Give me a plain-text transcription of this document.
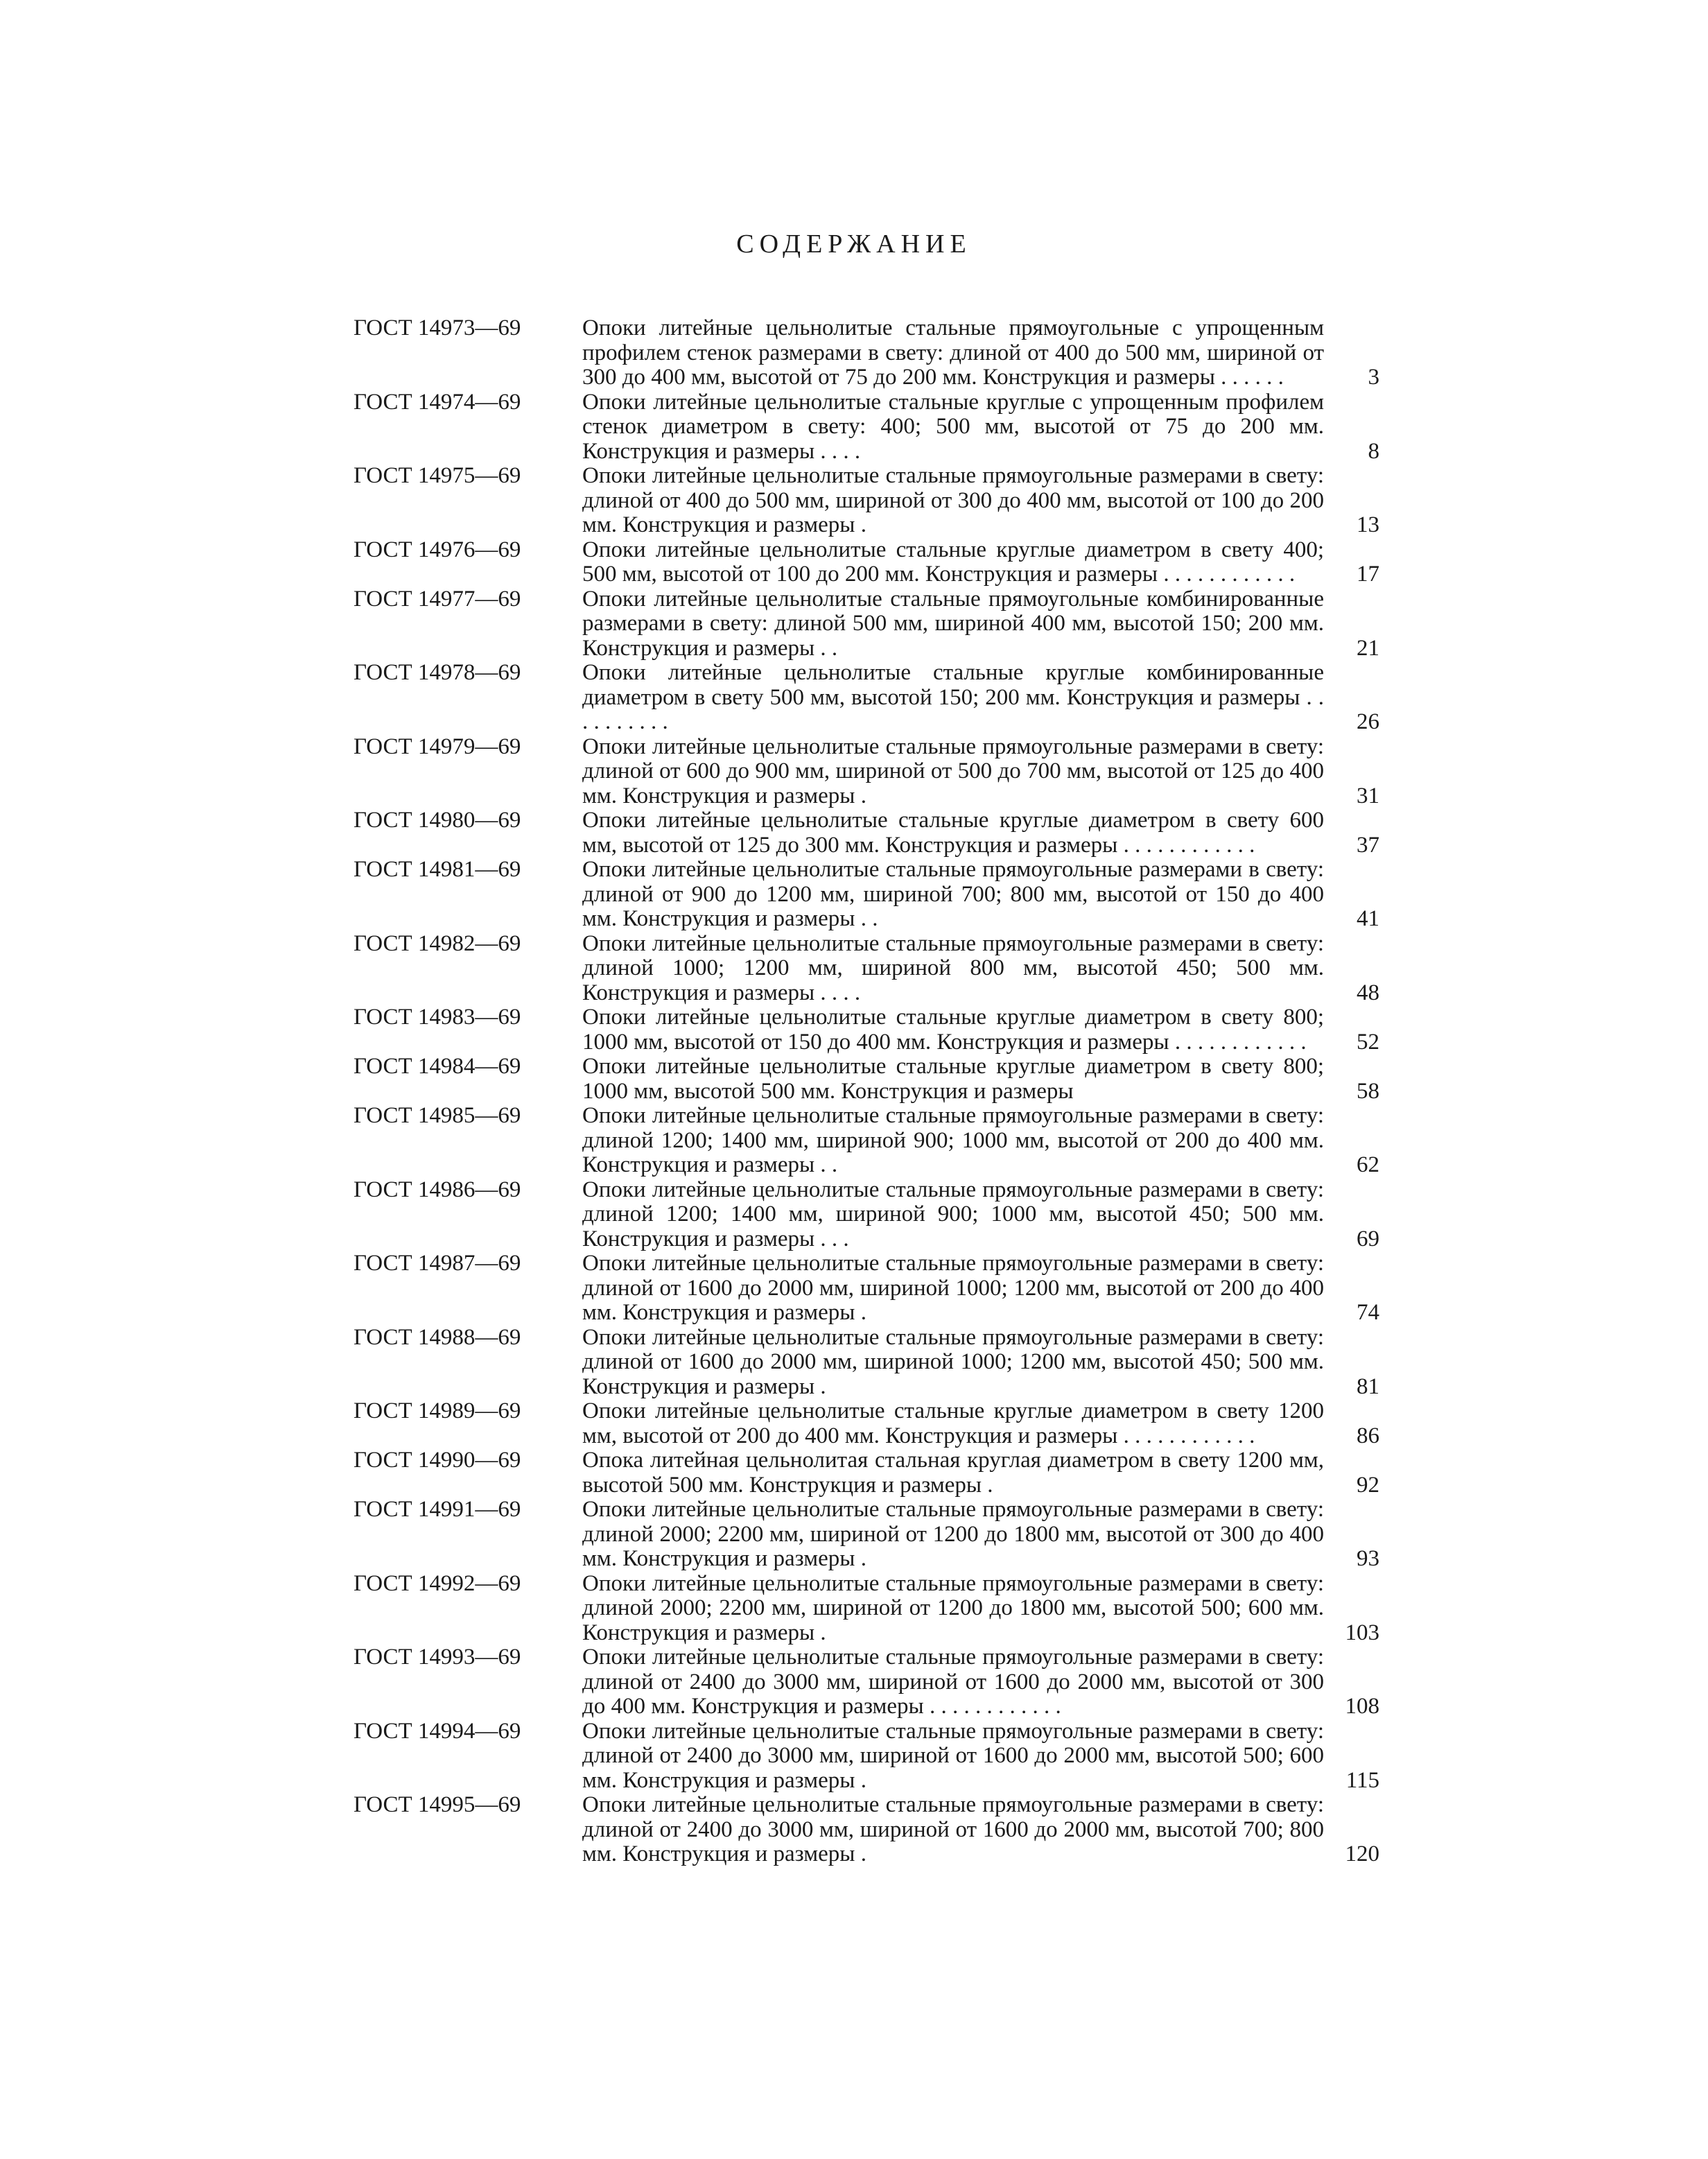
СОДЕРЖАНИЕ
ГОСТ 14973—69	Опоки литейные цельнолитые стальные прямоугольные с упрощенным профилем стенок размерами в свету: длиной от 400 до 500 мм, шириной от 300 до 400 мм, высотой от 75 до 200 мм. Конструкция и размеры . . . . . .	3
ГОСТ 14974—69	Опоки литейные цельнолитые стальные круглые с упрощенным профилем стенок диаметром в свету: 400; 500 мм, высотой от 75 до 200 мм. Конструкция и размеры . . . .	8
ГОСТ 14975—69	Опоки литейные цельнолитые стальные прямоугольные размерами в свету: длиной от 400 до 500 мм, шириной от 300 до 400 мм, высотой от 100 до 200 мм. Конструкция и размеры .	13
ГОСТ 14976—69	Опоки литейные цельнолитые стальные круглые диаметром в свету 400; 500 мм, высотой от 100 до 200 мм. Конструкция и размеры . . . . . . . . . . . .	17
ГОСТ 14977—69	Опоки литейные цельнолитые стальные прямоугольные комбинированные размерами в свету: длиной 500 мм, шириной 400 мм, высотой 150; 200 мм. Конструкция и размеры . .	21
ГОСТ 14978—69	Опоки литейные цельнолитые стальные круглые комбинированные диаметром в свету 500 мм, высотой 150; 200 мм. Конструкция и размеры . . . . . . . . . .	26
ГОСТ 14979—69	Опоки литейные цельнолитые стальные прямоугольные размерами в свету: длиной от 600 до 900 мм, шириной от 500 до 700 мм, высотой от 125 до 400 мм. Конструкция и размеры .	31
ГОСТ 14980—69	Опоки литейные цельнолитые стальные круглые диаметром в свету 600 мм, высотой от 125 до 300 мм. Конструкция и размеры . . . . . . . . . . . .	37
ГОСТ 14981—69	Опоки литейные цельнолитые стальные прямоугольные размерами в свету: длиной от 900 до 1200 мм, шириной 700; 800 мм, высотой от 150 до 400 мм. Конструкция и размеры . .	41
ГОСТ 14982—69	Опоки литейные цельнолитые стальные прямоугольные размерами в свету: длиной 1000; 1200 мм, шириной 800 мм, высотой 450; 500 мм. Конструкция и размеры . . . .	48
ГОСТ 14983—69	Опоки литейные цельнолитые стальные круглые диаметром в свету 800; 1000 мм, высотой от 150 до 400 мм. Конструкция и размеры . . . . . . . . . . . .	52
ГОСТ 14984—69	Опоки литейные цельнолитые стальные круглые диаметром в свету 800; 1000 мм, высотой 500 мм. Конструкция и размеры	58
ГОСТ 14985—69	Опоки литейные цельнолитые стальные прямоугольные размерами в свету: длиной 1200; 1400 мм, шириной 900; 1000 мм, высотой от 200 до 400 мм. Конструкция и размеры . .	62
ГОСТ 14986—69	Опоки литейные цельнолитые стальные прямоугольные размерами в свету: длиной 1200; 1400 мм, шириной 900; 1000 мм, высотой 450; 500 мм. Конструкция и размеры . . .	69
ГОСТ 14987—69	Опоки литейные цельнолитые стальные прямоугольные размерами в свету: длиной от 1600 до 2000 мм, шириной 1000; 1200 мм, высотой от 200 до 400 мм. Конструкция и размеры .	74
ГОСТ 14988—69	Опоки литейные цельнолитые стальные прямоугольные размерами в свету: длиной от 1600 до 2000 мм, шириной 1000; 1200 мм, высотой 450; 500 мм. Конструкция и размеры .	81
ГОСТ 14989—69	Опоки литейные цельнолитые стальные круглые диаметром в свету 1200 мм, высотой от 200 до 400 мм. Конструкция и размеры . . . . . . . . . . . .	86
ГОСТ 14990—69	Опока литейная цельнолитая стальная круглая диаметром в свету 1200 мм, высотой 500 мм. Конструкция и размеры .	92
ГОСТ 14991—69	Опоки литейные цельнолитые стальные прямоугольные размерами в свету: длиной 2000; 2200 мм, шириной от 1200 до 1800 мм, высотой от 300 до 400 мм. Конструкция и размеры .	93
ГОСТ 14992—69	Опоки литейные цельнолитые стальные прямоугольные размерами в свету: длиной 2000; 2200 мм, шириной от 1200 до 1800 мм, высотой 500; 600 мм. Конструкция и размеры .	103
ГОСТ 14993—69	Опоки литейные цельнолитые стальные прямоугольные размерами в свету: длиной от 2400 до 3000 мм, шириной от 1600 до 2000 мм, высотой от 300 до 400 мм. Конструкция и размеры . . . . . . . . . . . .	108
ГОСТ 14994—69	Опоки литейные цельнолитые стальные прямоугольные размерами в свету: длиной от 2400 до 3000 мм, шириной от 1600 до 2000 мм, высотой 500; 600 мм. Конструкция и размеры .	115
ГОСТ 14995—69	Опоки литейные цельнолитые стальные прямоугольные размерами в свету: длиной от 2400 до 3000 мм, шириной от 1600 до 2000 мм, высотой 700; 800 мм. Конструкция и размеры .	120
